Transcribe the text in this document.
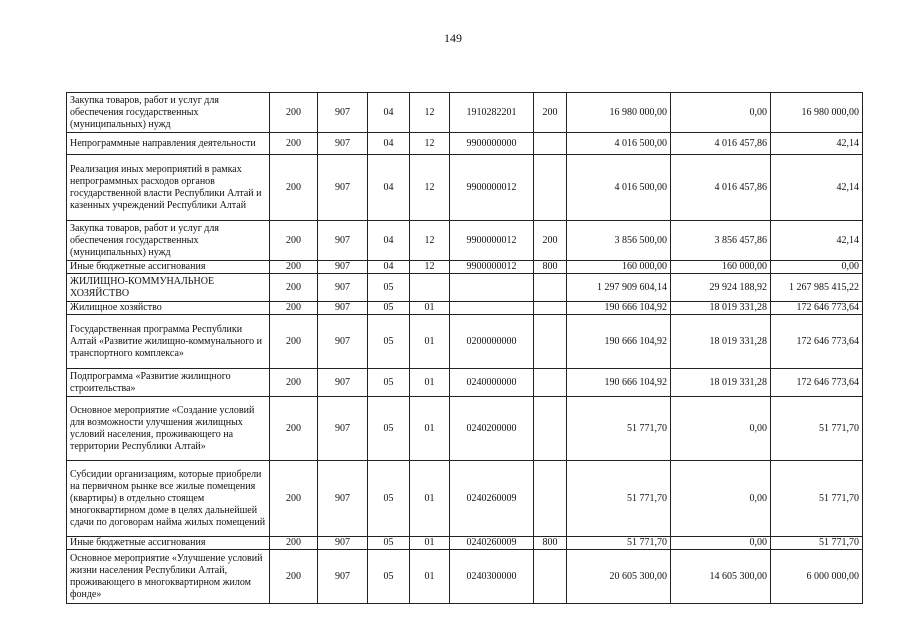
149
Закупка товаров, работ и услуг для обеспечения государственных (муниципальных) нужд	200	907	04	12	1910282201	200	16 980 000,00	0,00	16 980 000,00
Непрограммные направления деятельности	200	907	04	12	9900000000		4 016 500,00	4 016 457,86	42,14
Реализация иных мероприятий в рамках непрограммных расходов органов государственной власти Республики Алтай и казенных учреждений Республики Алтай	200	907	04	12	9900000012		4 016 500,00	4 016 457,86	42,14
Закупка товаров, работ и услуг для обеспечения государственных (муниципальных) нужд	200	907	04	12	9900000012	200	3 856 500,00	3 856 457,86	42,14
Иные бюджетные ассигнования	200	907	04	12	9900000012	800	160 000,00	160 000,00	0,00
ЖИЛИЩНО-КОММУНАЛЬНОЕ ХОЗЯЙСТВО	200	907	05				1 297 909 604,14	29 924 188,92	1 267 985 415,22
Жилищное хозяйство	200	907	05	01			190 666 104,92	18 019 331,28	172 646 773,64
Государственная программа Республики Алтай «Развитие жилищно-коммунального и транспортного комплекса»	200	907	05	01	0200000000		190 666 104,92	18 019 331,28	172 646 773,64
Подпрограмма «Развитие жилищного строительства»	200	907	05	01	0240000000		190 666 104,92	18 019 331,28	172 646 773,64
Основное мероприятие «Создание условий для возможности улучшения жилищных условий населения, проживающего на территории Республики Алтай»	200	907	05	01	0240200000		51 771,70	0,00	51 771,70
Субсидии организациям, которые приобрели на первичном рынке все жилые помещения (квартиры) в отдельно стоящем многоквартирном доме в целях дальнейшей сдачи по договорам найма жилых помещений	200	907	05	01	0240260009		51 771,70	0,00	51 771,70
Иные бюджетные ассигнования	200	907	05	01	0240260009	800	51 771,70	0,00	51 771,70
Основное мероприятие «Улучшение условий жизни населения Республики Алтай, проживающего в многоквартирном жилом фонде»	200	907	05	01	0240300000		20 605 300,00	14 605 300,00	6 000 000,00
